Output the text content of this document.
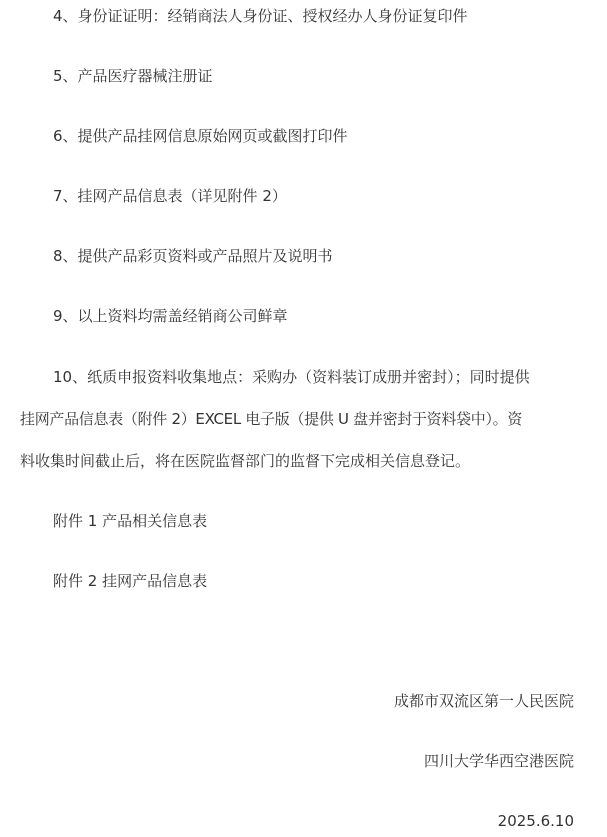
4、身份证证明：经销商法人身份证、授权经办人身份证复印件
5、产品医疗器械注册证
6、提供产品挂网信息原始网页或截图打印件
7、挂网产品信息表（详见附件 2）
8、提供产品彩页资料或产品照片及说明书
9、以上资料均需盖经销商公司鲜章
10、纸质申报资料收集地点：采购办（资料装订成册并密封）；同时提供
挂网产品信息表（附件 2）EXCEL 电子版（提供 U 盘并密封于资料袋中）。资
料收集时间截止后，将在医院监督部门的监督下完成相关信息登记。
附件 1 产品相关信息表
附件 2 挂网产品信息表
成都市双流区第一人民医院
四川大学华西空港医院
2025.6.10
